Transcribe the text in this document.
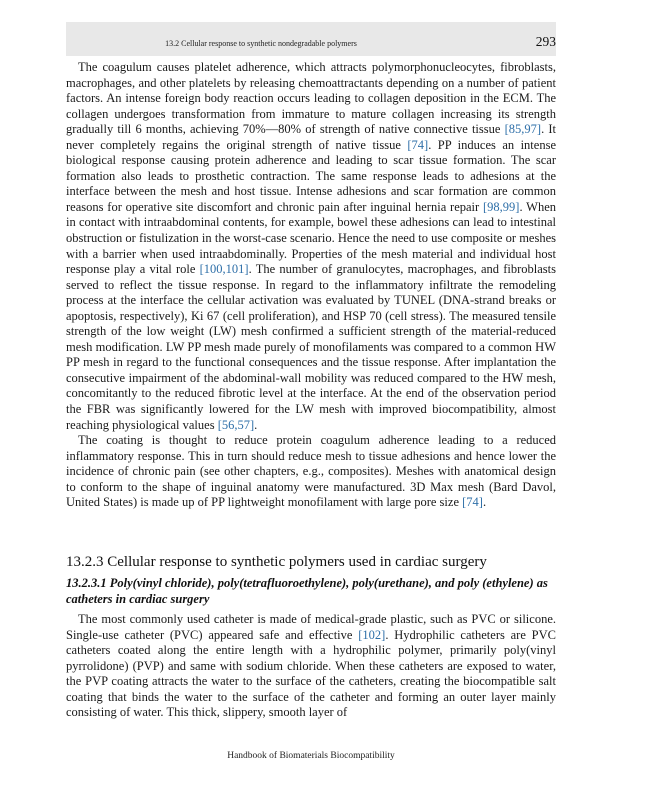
13.2 Cellular response to synthetic nondegradable polymers	293

The coagulum causes platelet adherence, which attracts polymorphonucleocytes, fibroblasts, macrophages, and other platelets by releasing chemoattractants depending on a number of patient factors. An intense foreign body reaction occurs leading to collagen deposition in the ECM. The collagen undergoes transformation from immature to mature collagen increasing its strength gradually till 6 months, achieving 70%—80% of strength of native connective tissue [85,97]. It never completely regains the original strength of native tissue [74]. PP induces an intense biological response causing protein adherence and leading to scar tissue formation. The scar formation also leads to prosthetic contraction. The same response leads to adhesions at the interface between the mesh and host tissue. Intense adhesions and scar formation are common reasons for operative site discomfort and chronic pain after inguinal hernia repair [98,99]. When in contact with intraabdominal contents, for example, bowel these adhesions can lead to intestinal obstruction or fistulization in the worst-case scenario. Hence the need to use composite or meshes with a barrier when used intraabdominally. Properties of the mesh material and individual host response play a vital role [100,101]. The number of granulocytes, macrophages, and fibroblasts served to reflect the tissue response. In regard to the inflammatory infiltrate the remodeling process at the interface the cellular activation was evaluated by TUNEL (DNA-strand breaks or apoptosis, respectively), Ki 67 (cell proliferation), and HSP 70 (cell stress). The measured tensile strength of the low weight (LW) mesh confirmed a sufficient strength of the material-reduced mesh modification. LW PP mesh made purely of monofilaments was compared to a common HW PP mesh in regard to the functional consequences and the tissue response. After implantation the consecutive impairment of the abdominal-wall mobility was reduced compared to the HW mesh, concomitantly to the reduced fibrotic level at the interface. At the end of the observation period the FBR was significantly lowered for the LW mesh with improved biocompatibility, almost reaching physiological values [56,57].

The coating is thought to reduce protein coagulum adherence leading to a reduced inflammatory response. This in turn should reduce mesh to tissue adhesions and hence lower the incidence of chronic pain (see other chapters, e.g., composites). Meshes with anatomical design to conform to the shape of inguinal anatomy were manufactured. 3D Max mesh (Bard Davol, United States) is made up of PP lightweight monofilament with large pore size [74].

13.2.3 Cellular response to synthetic polymers used in cardiac surgery
13.2.3.1 Poly(vinyl chloride), poly(tetrafluoroethylene), poly(urethane), and poly (ethylene) as catheters in cardiac surgery

The most commonly used catheter is made of medical-grade plastic, such as PVC or silicone. Single-use catheter (PVC) appeared safe and effective [102]. Hydrophilic catheters are PVC catheters coated along the entire length with a hydrophilic polymer, primarily poly(vinyl pyrrolidone) (PVP) and same with sodium chloride. When these catheters are exposed to water, the PVP coating attracts the water to the surface of the catheters, creating the biocompatible salt coating that binds the water to the surface of the catheter and forming an outer layer mainly consisting of water. This thick, slippery, smooth layer of

Handbook of Biomaterials Biocompatibility
